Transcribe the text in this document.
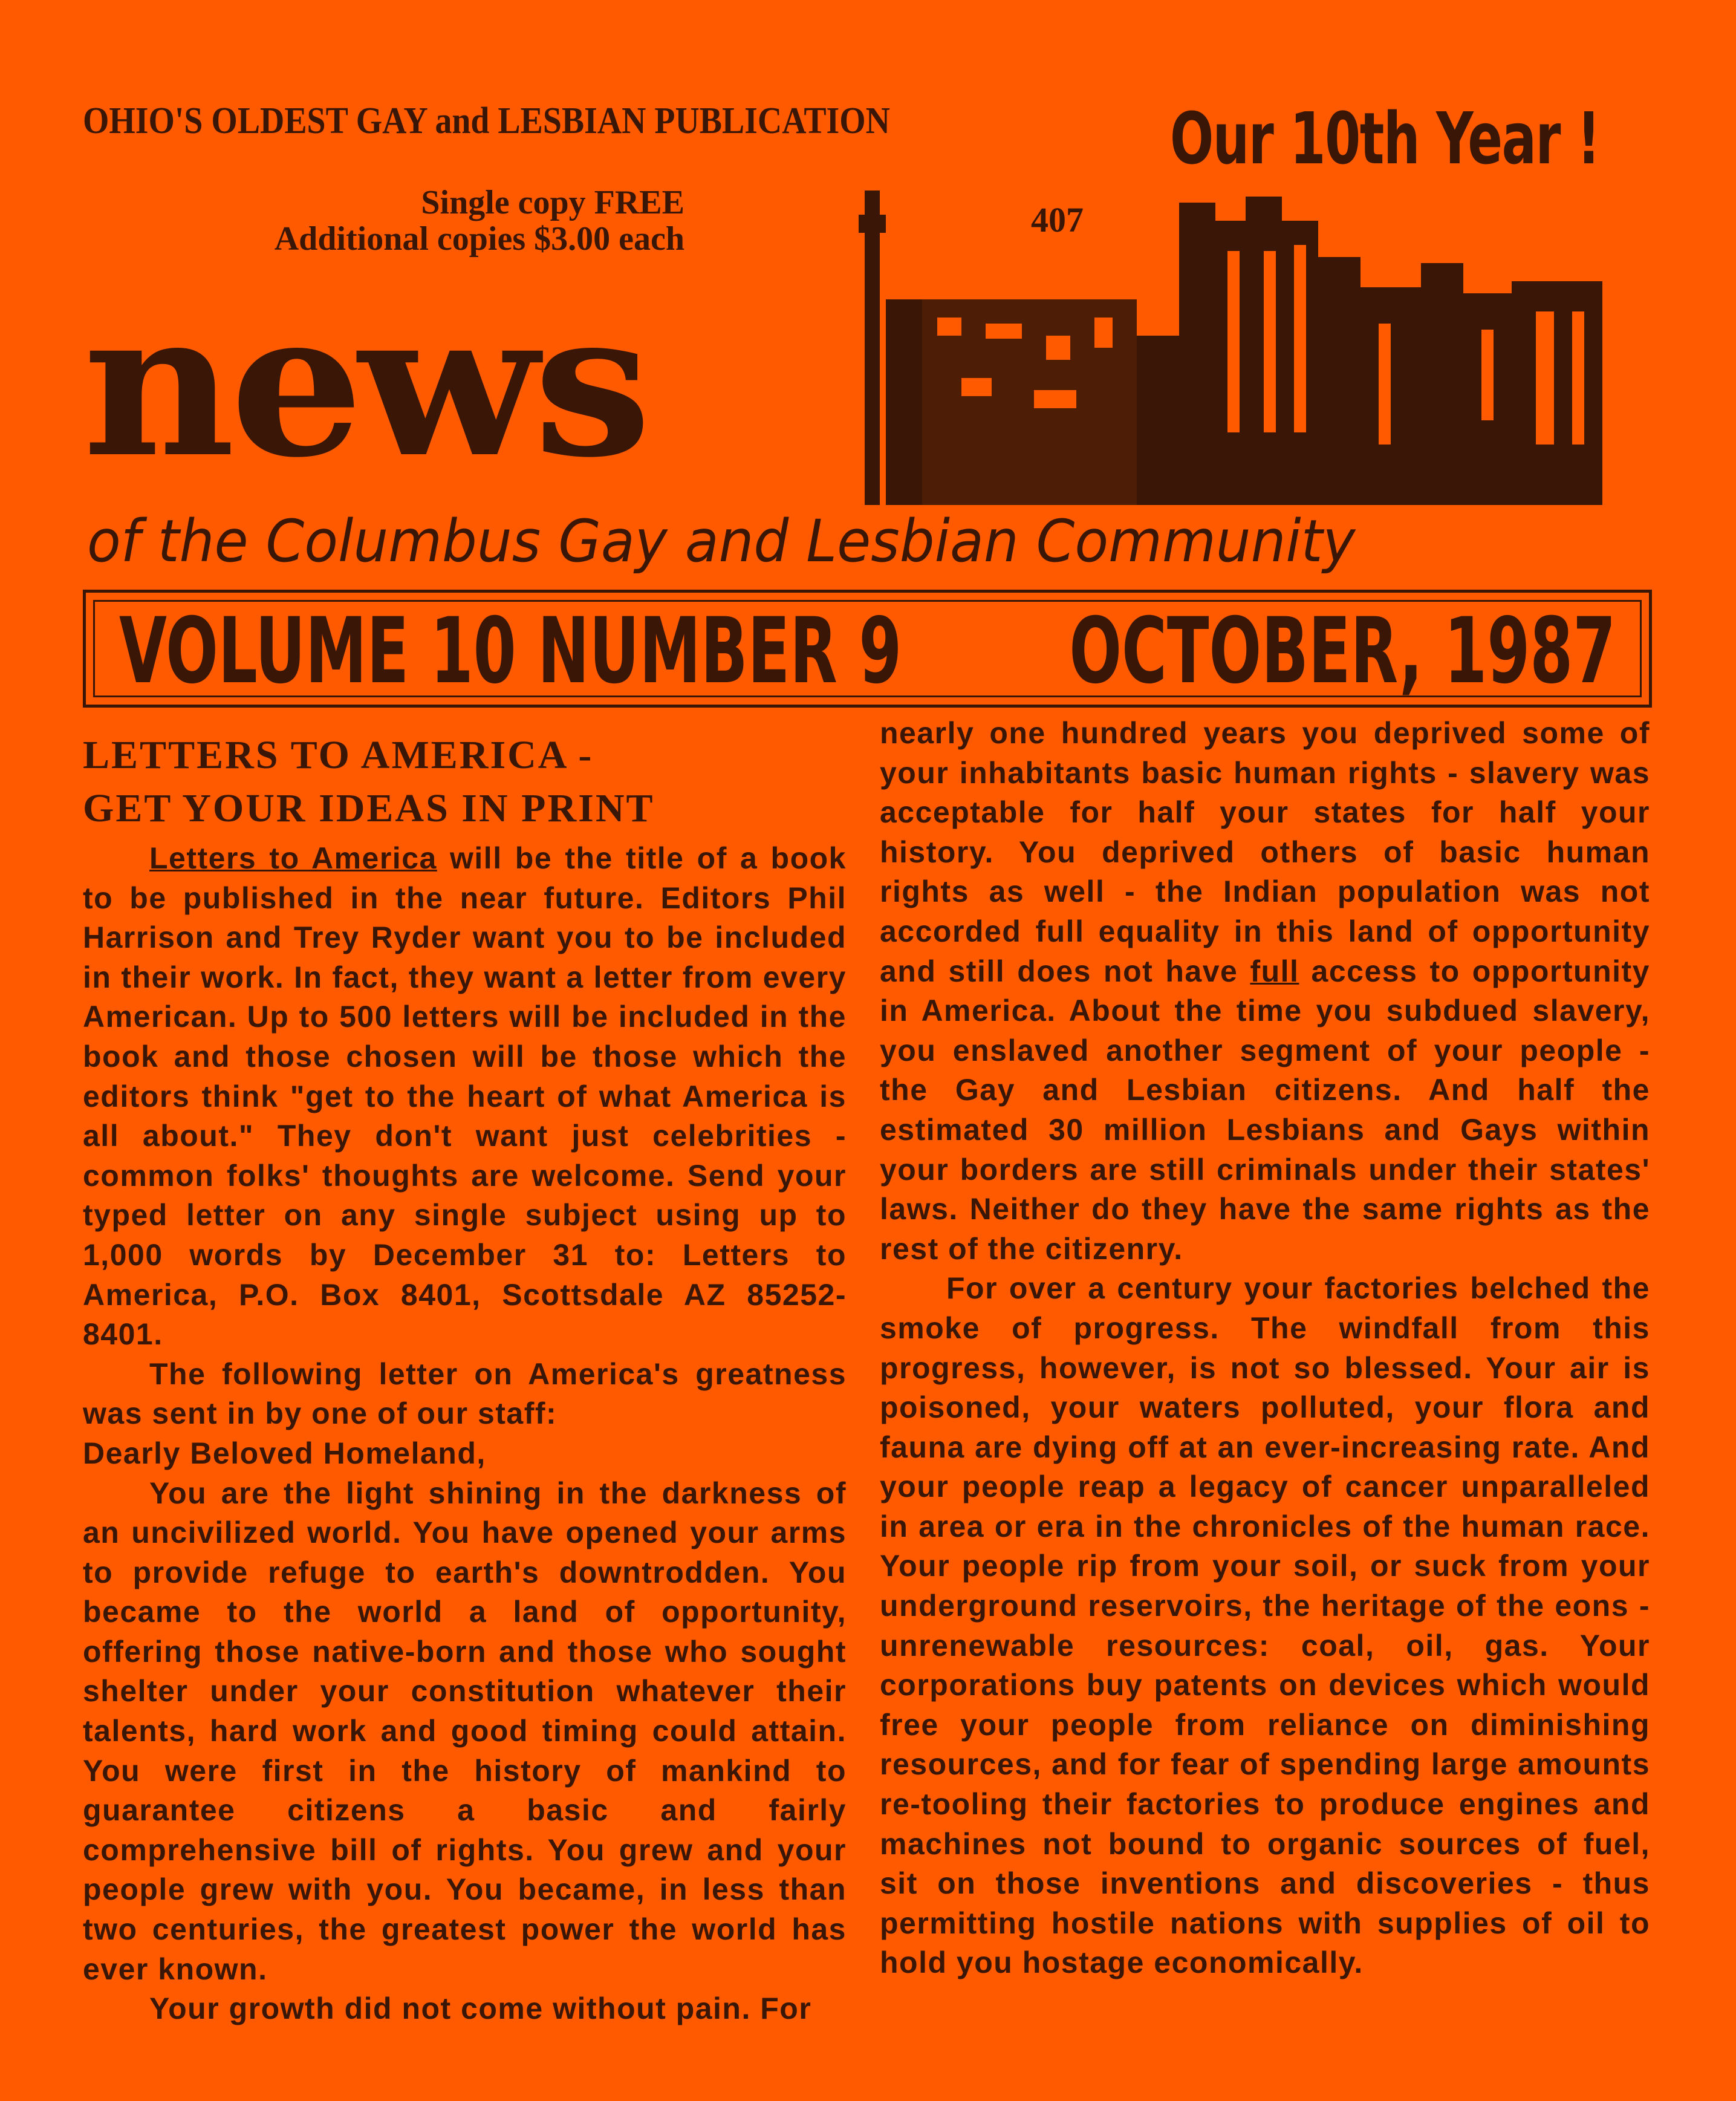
OHIO'S OLDEST GAY and LESBIAN PUBLICATION	Our 10th Year !
Single copy FREE
Additional copies $3.00 each
news
407
of the Columbus Gay and Lesbian Community
VOLUME 10 NUMBER 9 OCTOBER, 1987
LETTERS TO AMERICA -
GET YOUR IDEAS IN PRINT

Letters to America will be the title of a book to be published in the near future. Editors Phil Harrison and Trey Ryder want you to be included in their work. In fact, they want a letter from every American. Up to 500 letters will be included in the book and those chosen will be those which the editors think "get to the heart of what America is all about." They don't want just celebrities - common folks' thoughts are welcome. Send your typed letter on any single subject using up to 1,000 words by December 31 to: Letters to America, P.O. Box 8401, Scottsdale AZ 85252-8401.

The following letter on America's greatness was sent in by one of our staff:

Dearly Beloved Homeland,

You are the light shining in the darkness of an uncivilized world. You have opened your arms to provide refuge to earth's downtrodden. You became to the world a land of opportunity, offering those native-born and those who sought shelter under your constitution whatever their talents, hard work and good timing could attain. You were first in the history of mankind to guarantee citizens a basic and fairly comprehensive bill of rights. You grew and your people grew with you. You became, in less than two centuries, the greatest power the world has ever known.

Your growth did not come without pain. For

nearly one hundred years you deprived some of your inhabitants basic human rights - slavery was acceptable for half your states for half your history. You deprived others of basic human rights as well - the Indian population was not accorded full equality in this land of opportunity and still does not have full access to opportunity in America. About the time you subdued slavery, you enslaved another segment of your people - the Gay and Lesbian citizens. And half the estimated 30 million Lesbians and Gays within your borders are still criminals under their states' laws. Neither do they have the same rights as the rest of the citizenry.

For over a century your factories belched the smoke of progress. The windfall from this progress, however, is not so blessed. Your air is poisoned, your waters polluted, your flora and fauna are dying off at an ever-increasing rate. And your people reap a legacy of cancer unparalleled in area or era in the chronicles of the human race. Your people rip from your soil, or suck from your underground reservoirs, the heritage of the eons - unrenewable resources: coal, oil, gas. Your corporations buy patents on devices which would free your people from reliance on diminishing resources, and for fear of spending large amounts re-tooling their factories to produce engines and machines not bound to organic sources of fuel, sit on those inventions and discoveries - thus permitting hostile nations with supplies of oil to hold you hostage economically.
